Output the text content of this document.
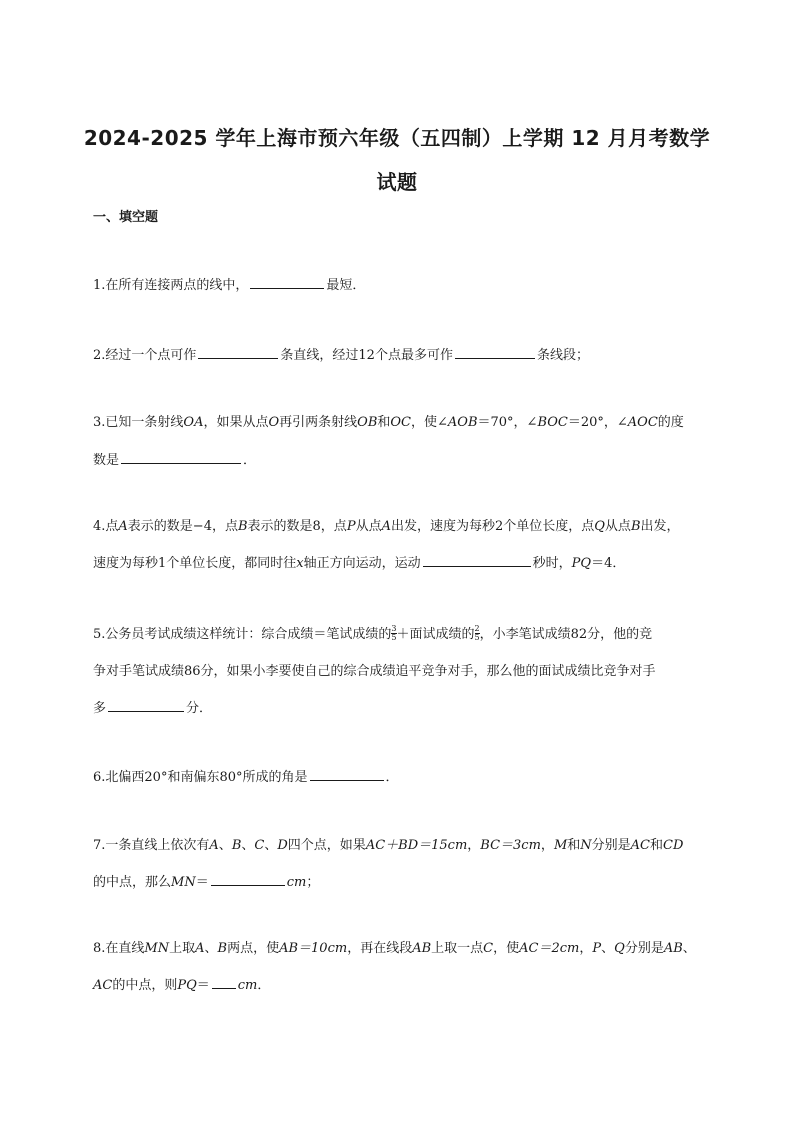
2024-2025 学年上海市预六年级（五四制）上学期 12 月月考数学
试题
一、填空题
1.在所有连接两点的线中，	最短．
2.经过一个点可作	条直线，经过12个点最多可作	条线段；
3.已知一条射线OA，如果从点O再引两条射线OB和OC，使∠AOB＝70°，∠BOC＝20°，∠AOC的度
数是	．
4.点A表示的数是−4，点B表示的数是8，点P从点A出发，速度为每秒2个单位长度，点Q从点B出发，
速度为每秒1个单位长度，都同时往x轴正方向运动，运动	秒时，PQ＝4．
5.公务员考试成绩这样统计：综合成绩＝笔试成绩的 $\frac{3}{5}$ ＋面试成绩的 $\frac{2}{5}$ ，小李笔试成绩82分，他的竞
争对手笔试成绩86分，如果小李要使自己的综合成绩追平竞争对手，那么他的面试成绩比竞争对手
多	分．
6.北偏西20°和南偏东80°所成的角是	．
7.一条直线上依次有A、B、C、D四个点，如果AC＋BD＝15cm，BC＝3cm，M和N分别是AC和CD
的中点，那么MN＝	cm；
8.在直线MN上取A、B两点，使AB＝10cm，再在线段AB上取一点C，使AC＝2cm，P、Q分别是AB、
AC的中点，则PQ＝ cm．
